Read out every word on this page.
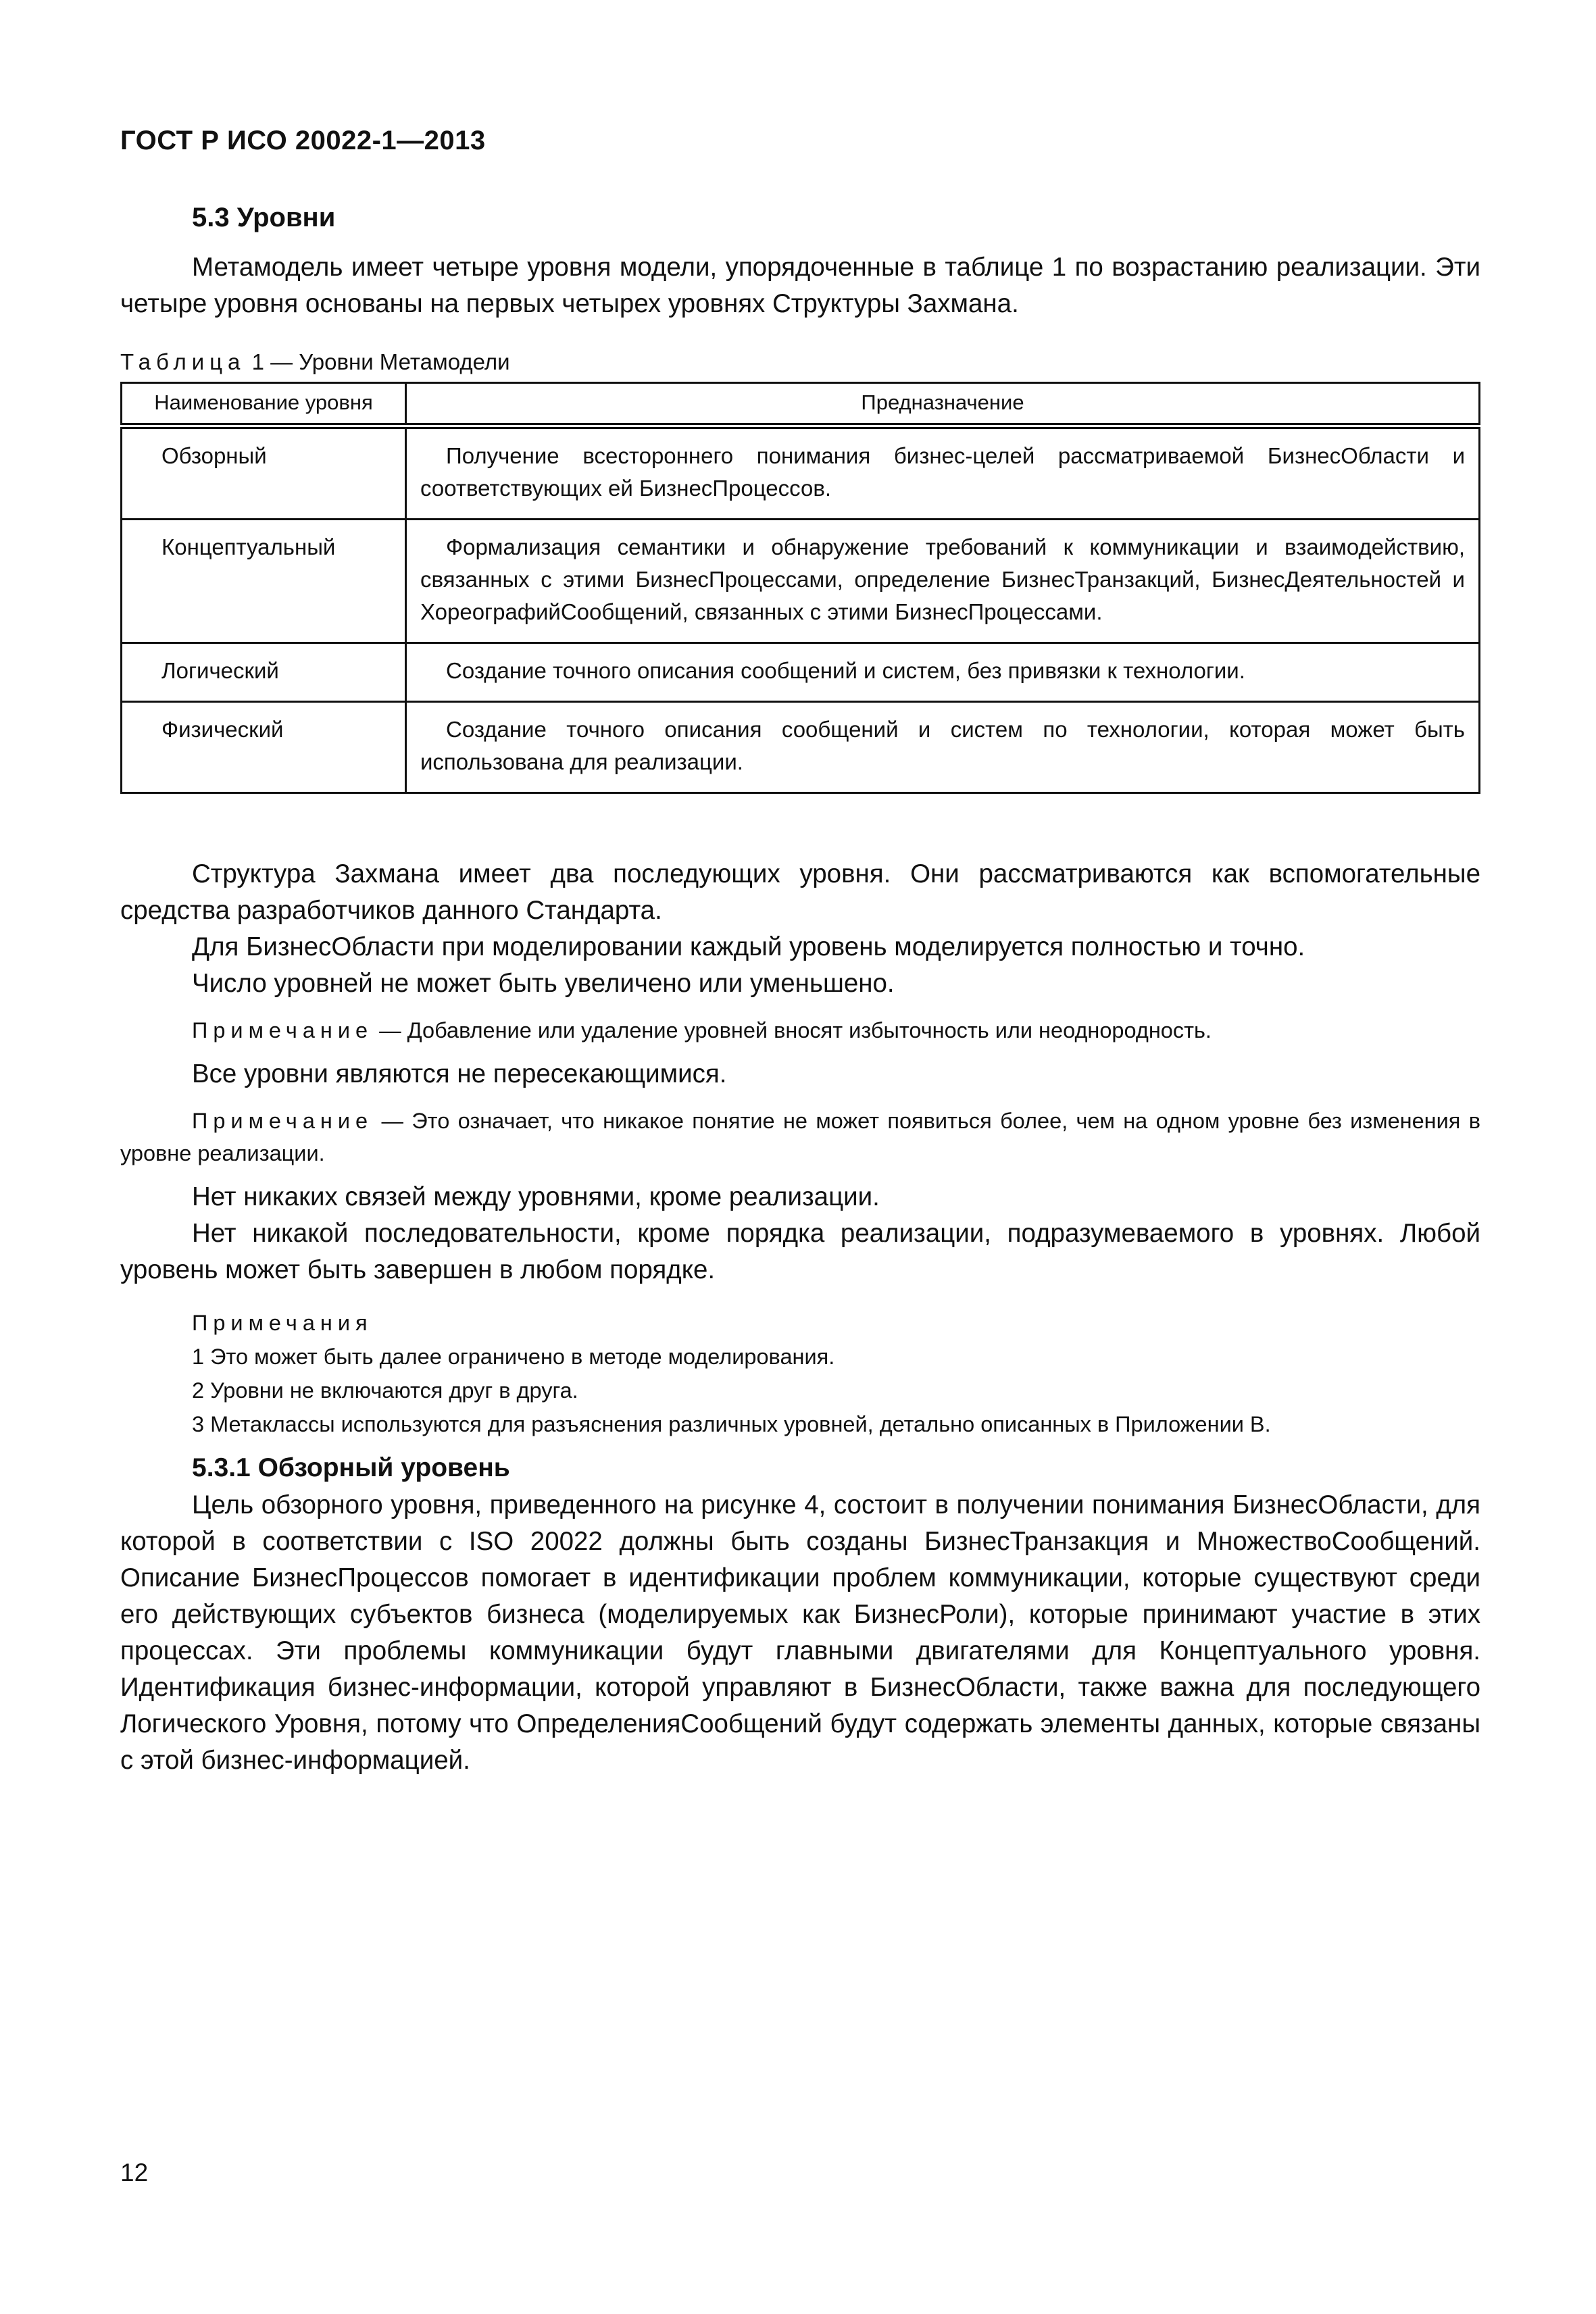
ГОСТ Р ИСО 20022-1—2013
5.3 Уровни

Метамодель имеет четыре уровня модели, упорядоченные в таблице 1 по возрастанию реализации. Эти четыре уровня основаны на первых четырех уровнях Структуры Захмана.

Таблица 1 — Уровни Метамодели
Наименование уровня	Предназначение
Обзорный	Получение всестороннего понимания бизнес-целей рассматриваемой БизнесОбласти и соответствующих ей БизнесПроцессов.
Концептуальный	Формализация семантики и обнаружение требований к коммуникации и взаимодействию, связанных с этими БизнесПроцессами, определение БизнесТранзакций, БизнесДеятельностей и ХореографийСообщений, связанных с этими БизнесПроцессами.
Логический	Создание точного описания сообщений и систем, без привязки к технологии.
Физический	Создание точного описания сообщений и систем по технологии, которая может быть использована для реализации.

Структура Захмана имеет два последующих уровня. Они рассматриваются как вспомогательные средства разработчиков данного Стандарта.

Для БизнесОбласти при моделировании каждый уровень моделируется полностью и точно.

Число уровней не может быть увеличено или уменьшено.

Примечание — Добавление или удаление уровней вносят избыточность или неоднородность.

Все уровни являются не пересекающимися.

Примечание — Это означает, что никакое понятие не может появиться более, чем на одном уровне без изменения в уровне реализации.

Нет никаких связей между уровнями, кроме реализации.

Нет никакой последовательности, кроме порядка реализации, подразумеваемого в уровнях. Любой уровень может быть завершен в любом порядке.

Примечания

1 Это может быть далее ограничено в методе моделирования.

2 Уровни не включаются друг в друга.

3 Метаклассы используются для разъяснения различных уровней, детально описанных в Приложении В.

5.3.1 Обзорный уровень

Цель обзорного уровня, приведенного на рисунке 4, состоит в получении понимания БизнесОбласти, для которой в соответствии с ISO 20022 должны быть созданы БизнесТранзакция и МножествоСообщений. Описание БизнесПроцессов помогает в идентификации проблем коммуникации, которые существуют среди его действующих субъектов бизнеса (моделируемых как БизнесРоли), которые принимают участие в этих процессах. Эти проблемы коммуникации будут главными двигателями для Концептуального уровня. Идентификация бизнес-информации, которой управляют в БизнесОбласти, также важна для последующего Логического Уровня, потому что ОпределенияСообщений будут содержать элементы данных, которые связаны с этой бизнес-информацией.

12
